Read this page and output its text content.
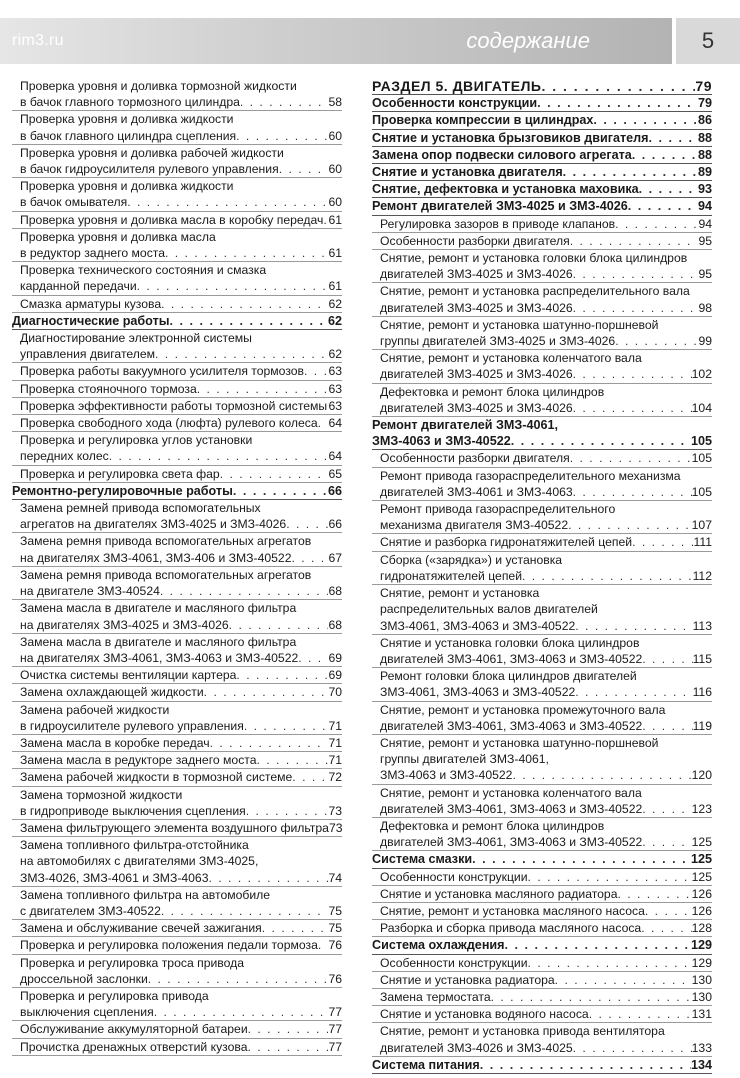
rim3.ru	содержание	5
Проверка уровня и доливка тормозной жидкости
в бачок главного тормозного цилиндра . . .	58
Проверка уровня и доливка жидкости
в бачок главного цилиндра сцепления . . .	60
Проверка уровня и доливка рабочей жидкости
в бачок гидроусилителя рулевого управления . . .	60
Проверка уровня и доливка жидкости
в бачок омывателя . . .	60
Проверка уровня и доливка масла в коробку передач . . . 61
Проверка уровня и доливка масла
в редуктор заднего моста . . .	61
Проверка технического состояния и смазка
карданной передачи . . .	61
Смазка арматуры кузова . . .	62
Диагностические работы . . .	62
Диагностирование электронной системы
управления двигателем . . .	62
Проверка работы вакуумного усилителя тормозов . . . 63
Проверка стояночного тормоза . . .	63
Проверка эффективности работы тормозной системы . . . 63
Проверка свободного хода (люфта) рулевого колеса . . . 64
Проверка и регулировка углов установки
передних колес . . .	64
Проверка и регулировка света фар . . .	65
Ремонтно-регулировочные работы . . .	66
Замена ремней привода вспомогательных
агрегатов на двигателях ЗМЗ-4025 и ЗМЗ-4026 . . .	66
Замена ремня привода вспомогательных агрегатов
на двигателях ЗМЗ-4061, ЗМЗ-406 и ЗМЗ-40522 . . .	67
Замена ремня привода вспомогательных агрегатов
на двигателе ЗМЗ-40524 . . .	68
Замена масла в двигателе и масляного фильтра
на двигателях ЗМЗ-4025 и ЗМЗ-4026 . . .	68
Замена масла в двигателе и масляного фильтра
на двигателях ЗМЗ-4061, ЗМЗ-4063 и ЗМЗ-40522 . . . 69
Очистка системы вентиляции картера . . .	69
Замена охлаждающей жидкости . . .	70
Замена рабочей жидкости
в гидроусилителе рулевого управления . . .	71
Замена масла в коробке передач . . .	71
Замена масла в редукторе заднего моста . . .	71
Замена рабочей жидкости в тормозной системе . . .	72
Замена тормозной жидкости
в гидроприводе выключения сцепления . . .	73
Замена фильтрующего элемента воздушного фильтра 73
Замена топливного фильтра-отстойника
на автомобилях с двигателями ЗМЗ-4025,
ЗМЗ-4026, ЗМЗ-4061 и ЗМЗ-4063 . . .	74
Замена топливного фильтра на автомобиле
с двигателем ЗМЗ-40522 . . .	75
Замена и обслуживание свечей зажигания . . .	75
Проверка и регулировка положения педали тормоза . . . 76
Проверка и регулировка троса привода
дроссельной заслонки . . .	76
Проверка и регулировка привода
выключения сцепления . . .	77
Обслуживание аккумуляторной батареи . . .	77
Прочистка дренажных отверстий кузова . . .	77
РАЗДЕЛ 5. ДВИГАТЕЛЬ . . .	79
Особенности конструкции . . .	79
Проверка компрессии в цилиндрах . . .	86
Снятие и установка брызговиков двигателя . . .	88
Замена опор подвески силового агрегата . . .	88
Снятие и установка двигателя . . .	89
Снятие, дефектовка и установка маховика . . .	93
Ремонт двигателей ЗМЗ-4025 и ЗМЗ-4026 . . .	94
Регулировка зазоров в приводе клапанов . . .	94
Особенности разборки двигателя . . .	95
Снятие, ремонт и установка головки блока цилиндров
двигателей ЗМЗ-4025 и ЗМЗ-4026 . . .	95
Снятие, ремонт и установка распределительного вала
двигателей ЗМЗ-4025 и ЗМЗ-4026 . . .	98
Снятие, ремонт и установка шатунно-поршневой
группы двигателей ЗМЗ-4025 и ЗМЗ-4026 . . .	99
Снятие, ремонт и установка коленчатого вала
двигателей ЗМЗ-4025 и ЗМЗ-4026 . . .	102
Дефектовка и ремонт блока цилиндров
двигателей ЗМЗ-4025 и ЗМЗ-4026 . . .	104
Ремонт двигателей ЗМЗ-4061,
ЗМЗ-4063 и ЗМЗ-40522 . . .	105
Особенности разборки двигателя . . .	105
Ремонт привода газораспределительного механизма
двигателей ЗМЗ-4061 и ЗМЗ-4063 . . .	105
Ремонт привода газораспределительного
механизма двигателя ЗМЗ-40522 . . .	107
Снятие и разборка гидронатяжителей цепей . . .	111
Сборка («зарядка») и установка
гидронатяжителей цепей . . .	112
Снятие, ремонт и установка
распределительных валов двигателей
ЗМЗ-4061, ЗМЗ-4063 и ЗМЗ-40522 . . .	113
Снятие и установка головки блока цилиндров
двигателей ЗМЗ-4061, ЗМЗ-4063 и ЗМЗ-40522 . . .	115
Ремонт головки блока цилиндров двигателей
ЗМЗ-4061, ЗМЗ-4063 и ЗМЗ-40522 . . .	116
Снятие, ремонт и установка промежуточного вала
двигателей ЗМЗ-4061, ЗМЗ-4063 и ЗМЗ-40522 . . .	119
Снятие, ремонт и установка шатунно-поршневой
группы двигателей ЗМЗ-4061,
ЗМЗ-4063 и ЗМЗ-40522 . . .	120
Снятие, ремонт и установка коленчатого вала
двигателей ЗМЗ-4061, ЗМЗ-4063 и ЗМЗ-40522 . . .	123
Дефектовка и ремонт блока цилиндров
двигателей ЗМЗ-4061, ЗМЗ-4063 и ЗМЗ-40522 . . .	125
Система смазки . . .	125
Особенности конструкции . . .	125
Снятие и установка масляного радиатора . . .	126
Снятие, ремонт и установка масляного насоса . . .	126
Разборка и сборка привода масляного насоса . . .	128
Система охлаждения . . .	129
Особенности конструкции . . .	129
Снятие и установка радиатора . . .	130
Замена термостата . . .	130
Снятие и установка водяного насоса . . .	131
Снятие, ремонт и установка привода вентилятора
двигателей ЗМЗ-4026 и ЗМЗ-4025 . . .	133
Система питания . . .	134
